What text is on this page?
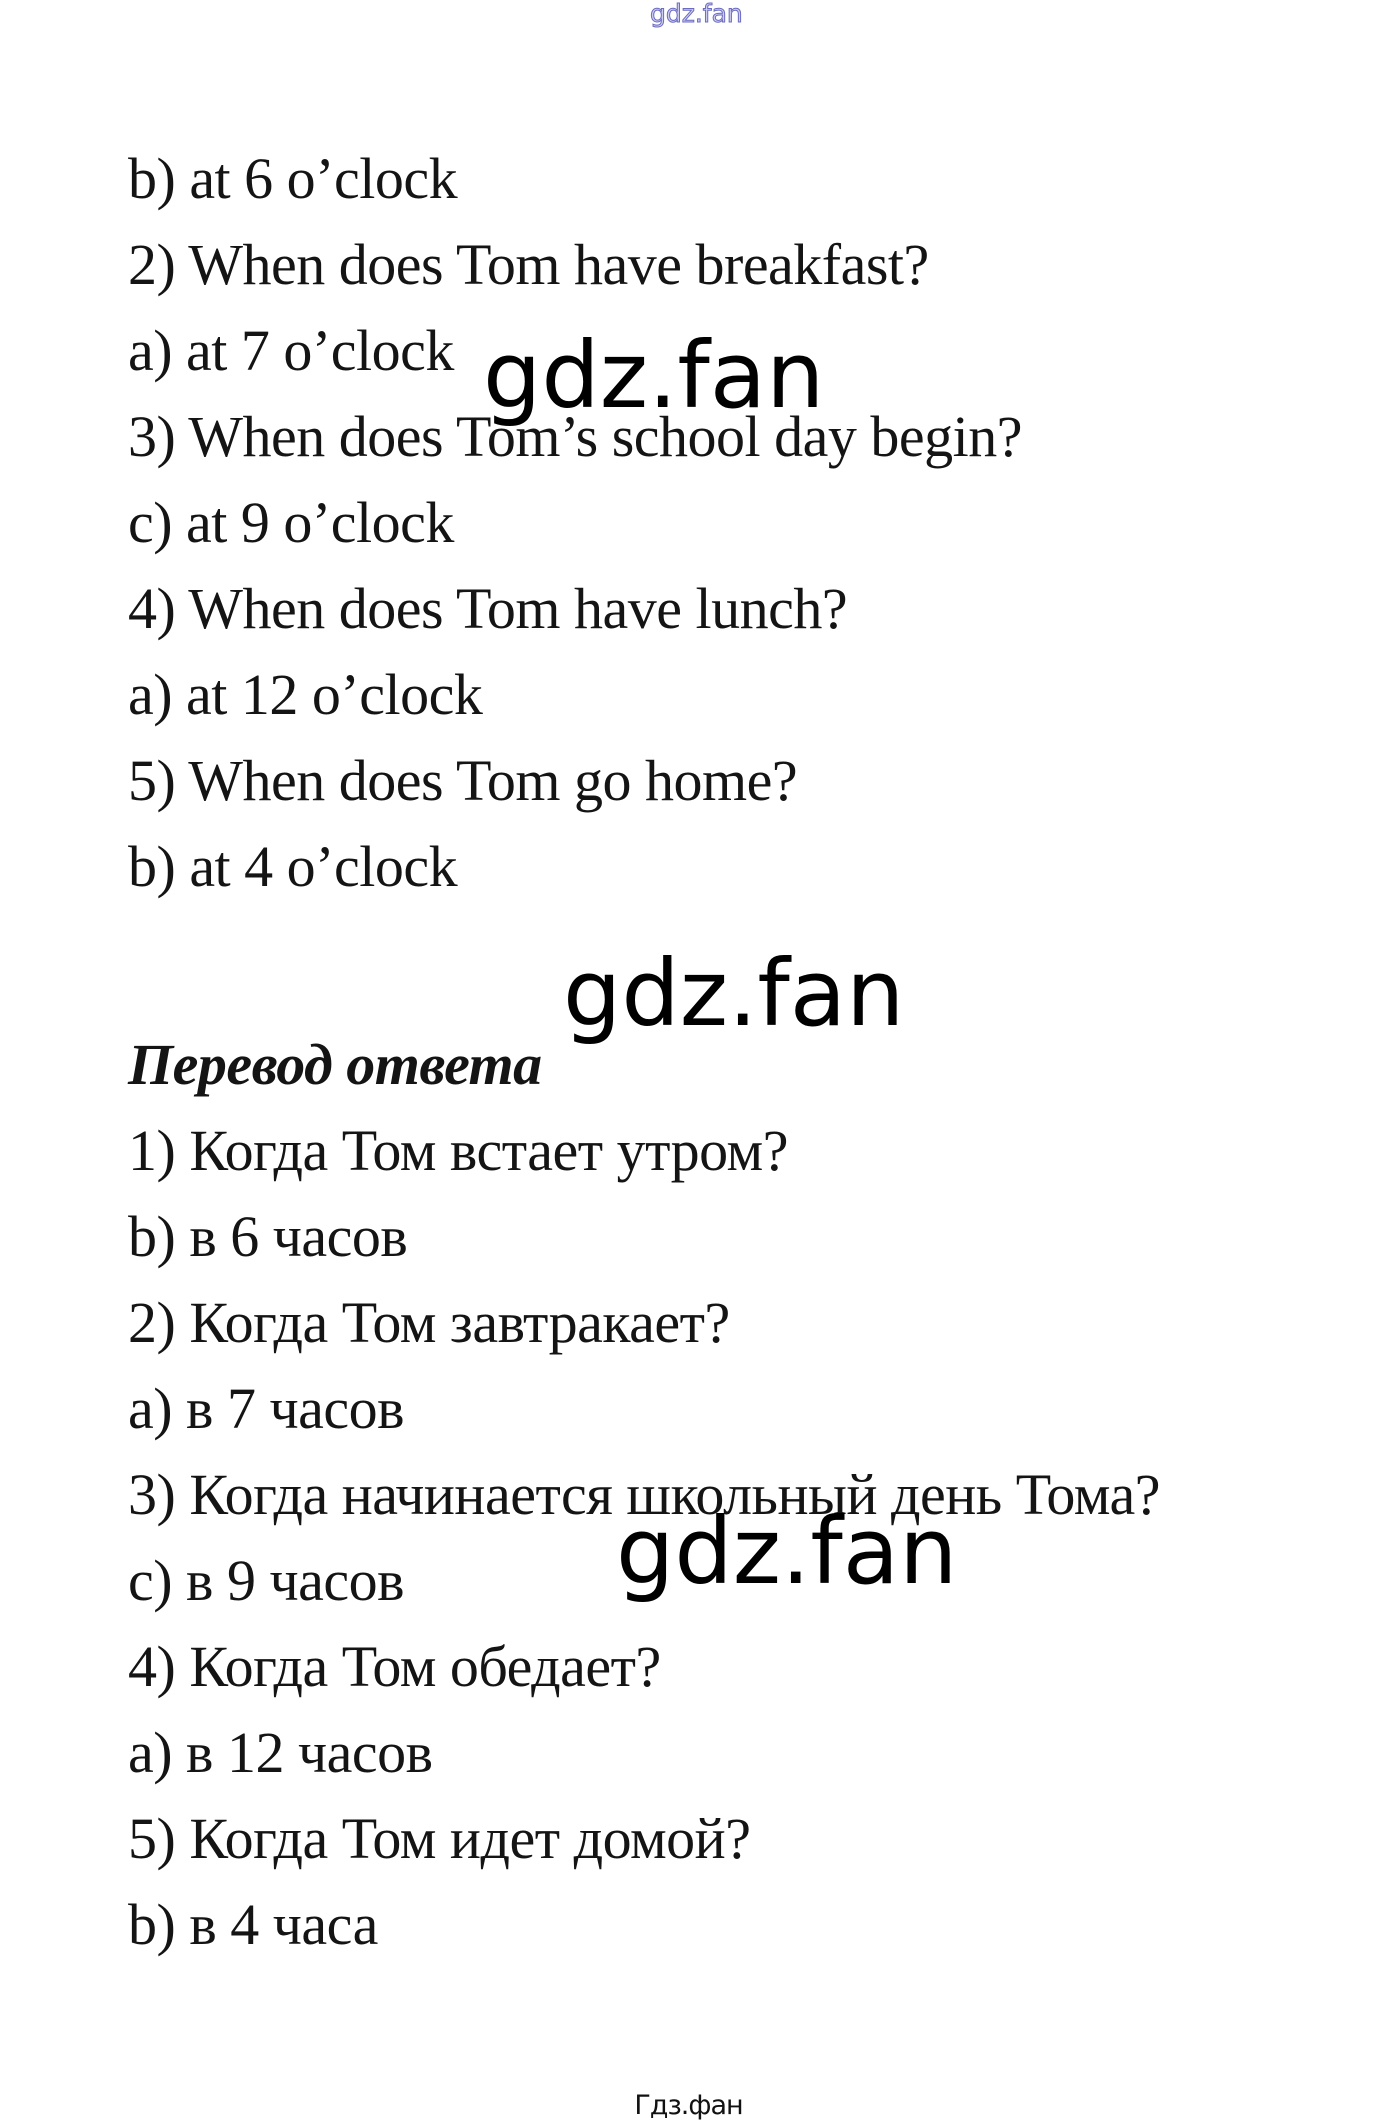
gdz.fan
b) at 6 o’clock
2) When does Tom have breakfast?
a) at 7 o’clock
3) When does Tom’s school day begin?
c) at 9 o’clock
4) When does Tom have lunch?
a) at 12 o’clock
5) When does Tom go home?
b) at 4 o’clock
gdz.fan
gdz.fan
Перевод ответа
1) Когда Том встает утром?
b) в 6 часов
2) Когда Том завтракает?
a) в 7 часов
3) Когда начинается школьный день Тома?
c) в 9 часов
4) Когда Том обедает?
a) в 12 часов
5) Когда Том идет домой?
b) в 4 часа
gdz.fan
Гдз.фан
